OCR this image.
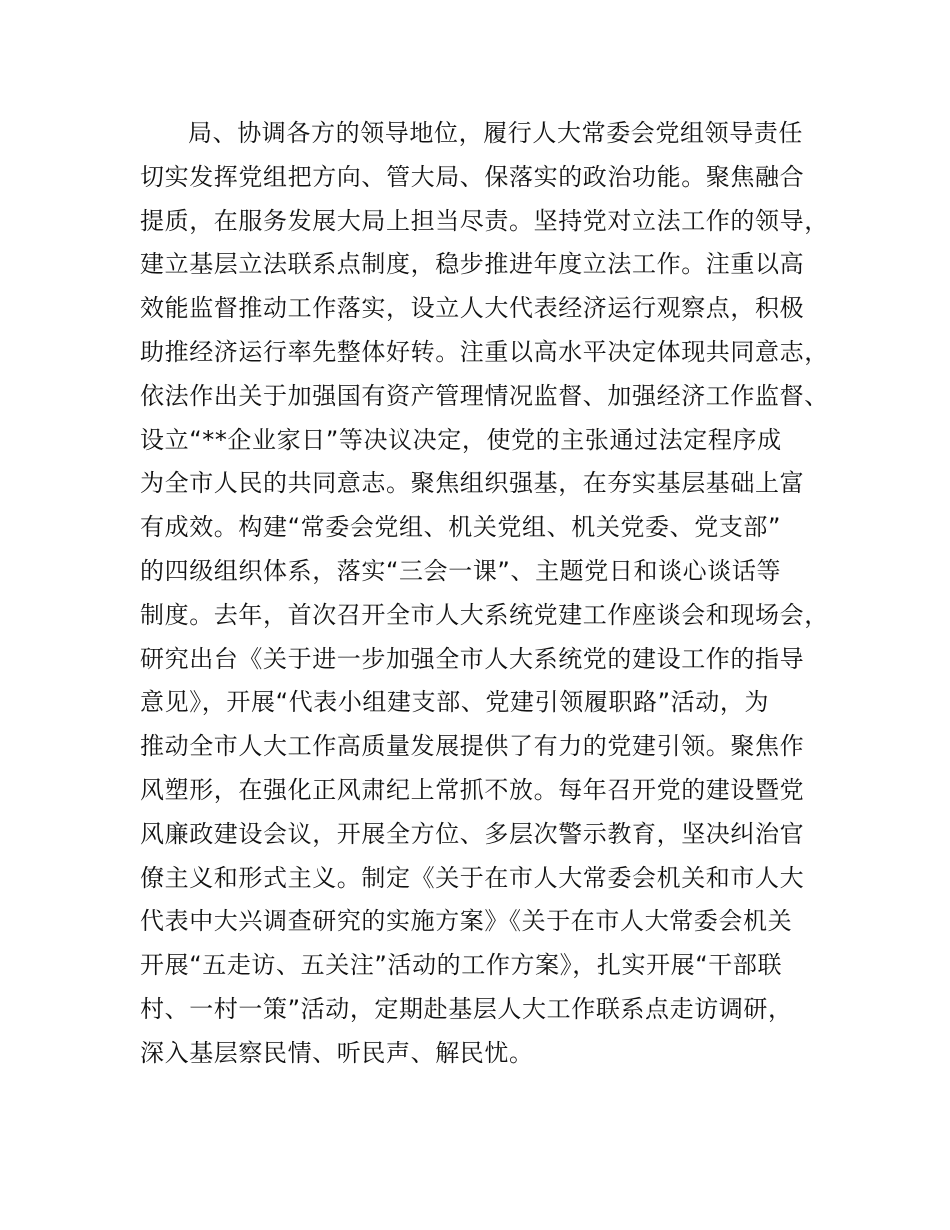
局、协调各方的领导地位，履行人大常委会党组领导责任
切实发挥党组把方向、管大局、保落实的政治功能。聚焦融合
提质，在服务发展大局上担当尽责。坚持党对立法工作的领导，
建立基层立法联系点制度，稳步推进年度立法工作。注重以高
效能监督推动工作落实，设立人大代表经济运行观察点，积极
助推经济运行率先整体好转。注重以高水平决定体现共同意志，
依法作出关于加强国有资产管理情况监督、加强经济工作监督、
设立“**企业家日”等决议决定，使党的主张通过法定程序成
为全市人民的共同意志。聚焦组织强基，在夯实基层基础上富
有成效。构建“常委会党组、机关党组、机关党委、党支部”
的四级组织体系，落实“三会一课”、主题党日和谈心谈话等
制度。去年，首次召开全市人大系统党建工作座谈会和现场会，
研究出台《关于进一步加强全市人大系统党的建设工作的指导
意见》，开展“代表小组建支部、党建引领履职路”活动，为
推动全市人大工作高质量发展提供了有力的党建引领。聚焦作
风塑形，在强化正风肃纪上常抓不放。每年召开党的建设暨党
风廉政建设会议，开展全方位、多层次警示教育，坚决纠治官
僚主义和形式主义。制定《关于在市人大常委会机关和市人大
代表中大兴调查研究的实施方案》《关于在市人大常委会机关
开展“五走访、五关注”活动的工作方案》，扎实开展“干部联
村、一村一策”活动，定期赴基层人大工作联系点走访调研，
深入基层察民情、听民声、解民忧。
